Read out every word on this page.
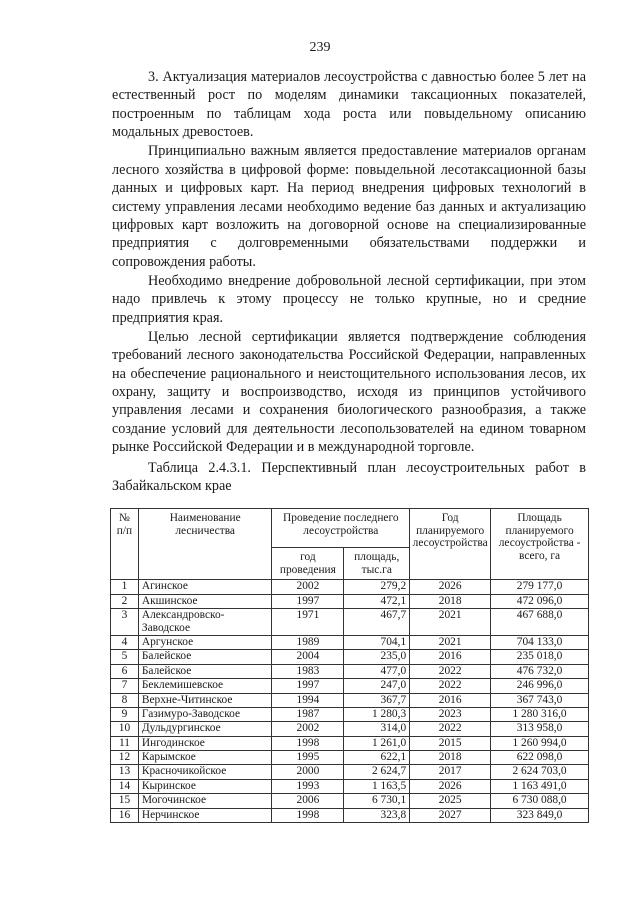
239

3. Актуализация материалов лесоустройства с давностью более 5 лет на естественный рост по моделям динамики таксационных показателей, построенным по таблицам хода роста или повыдельному описанию модальных древостоев.

Принципиально важным является предоставление материалов органам лесного хозяйства в цифровой форме: повыдельной лесотаксационной базы данных и цифровых карт. На период внедрения цифровых технологий в систему управления лесами необходимо ведение баз данных и актуализацию цифровых карт возложить на договорной основе на специализированные предприятия с долговременными обязательствами поддержки и сопровождения работы.

Необходимо внедрение добровольной лесной сертификации, при этом надо привлечь к этому процессу не только крупные, но и средние предприятия края.

Целью лесной сертификации является подтверждение соблюдения требований лесного законодательства Российской Федерации, направленных на обеспечение рационального и неистощительного использования лесов, их охрану, защиту и воспроизводство, исходя из принципов устойчивого управления лесами и сохранения биологического разнообразия, а также создание условий для деятельности лесопользователей на едином товарном рынке Российской Федерации и в международной торговле.

Таблица 2.4.3.1. Перспективный план лесоустроительных работ в Забайкальском крае
№ п/п	Наименование лесничества	Проведение последнего лесоустройства		Год планируемого лесоустройства	Площадь планируемого лесоустройства - всего, га
		год проведения	площадь, тыс.га		
1	Агинское	2002	279,2	2026	279 177,0
2	Акшинское	1997	472,1	2018	472 096,0
3	Александровско-Заводское	1971	467,7	2021	467 688,0
4	Аргунское	1989	704,1	2021	704 133,0
5	Балейское	2004	235,0	2016	235 018,0
6	Балейское	1983	477,0	2022	476 732,0
7	Беклемишевское	1997	247,0	2022	246 996,0
8	Верхне-Читинское	1994	367,7	2016	367 743,0
9	Газимуро-Заводское	1987	1 280,3	2023	1 280 316,0
10	Дульдургинское	2002	314,0	2022	313 958,0
11	Ингодинское	1998	1 261,0	2015	1 260 994,0
12	Карымское	1995	622,1	2018	622 098,0
13	Красночикойское	2000	2 624,7	2017	2 624 703,0
14	Кыринское	1993	1 163,5	2026	1 163 491,0
15	Могочинское	2006	6 730,1	2025	6 730 088,0
16	Нерчинское	1998	323,8	2027	323 849,0
